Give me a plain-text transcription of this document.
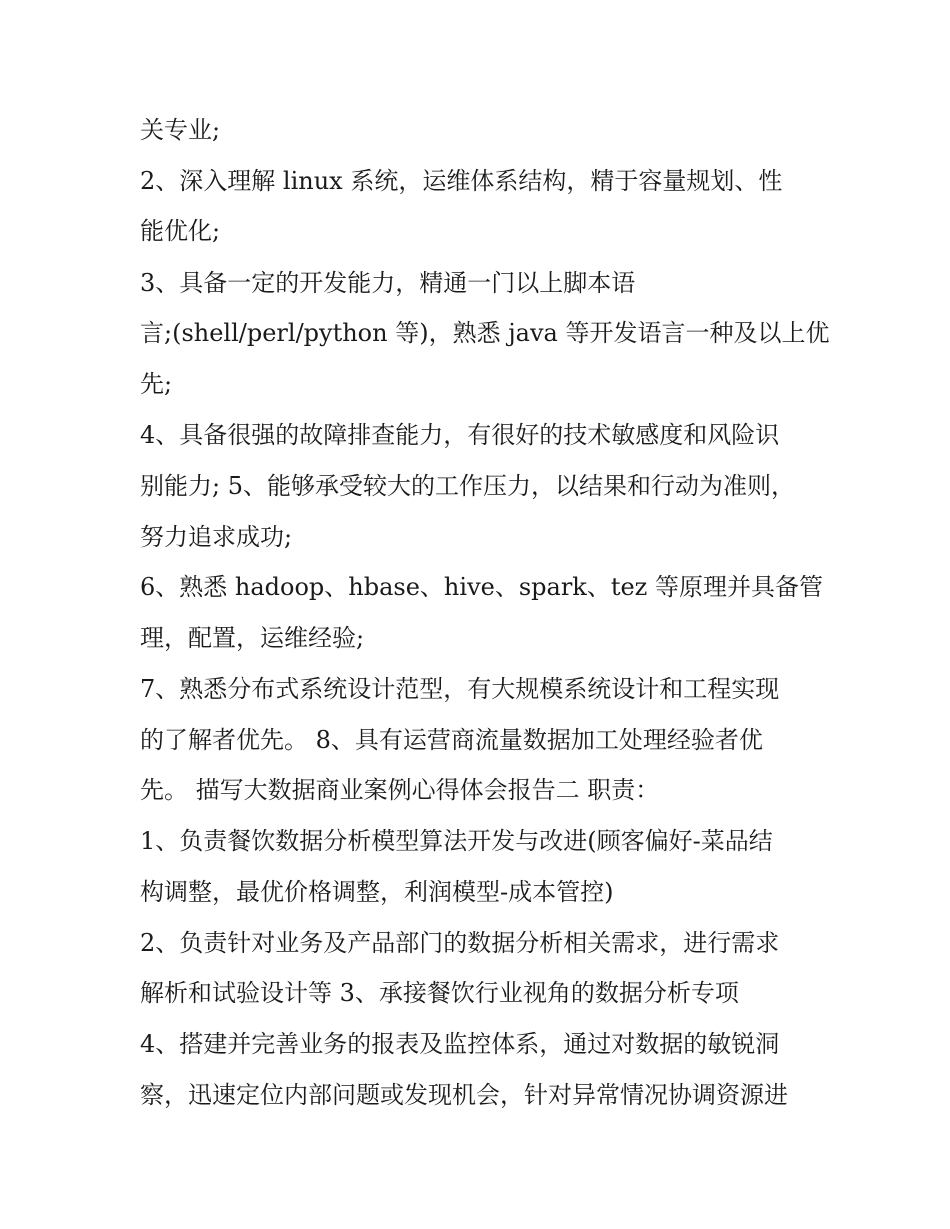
关专业;

2、深入理解 linux 系统，运维体系结构，精于容量规划、性

能优化;

3、具备一定的开发能力，精通一门以上脚本语

言;(shell/perl/python 等)，熟悉 java 等开发语言一种及以上优

先;

4、具备很强的故障排查能力，有很好的技术敏感度和风险识

别能力; 5、能够承受较大的工作压力，以结果和行动为准则，

努力追求成功;

6、熟悉 hadoop、hbase、hive、spark、tez 等原理并具备管

理，配置，运维经验;

7、熟悉分布式系统设计范型，有大规模系统设计和工程实现

的了解者优先。 8、具有运营商流量数据加工处理经验者优

先。 描写大数据商业案例心得体会报告二 职责：

1、负责餐饮数据分析模型算法开发与改进(顾客偏好-菜品结

构调整，最优价格调整，利润模型-成本管控)

2、负责针对业务及产品部门的数据分析相关需求，进行需求

解析和试验设计等 3、承接餐饮行业视角的数据分析专项

4、搭建并完善业务的报表及监控体系，通过对数据的敏锐洞

察，迅速定位内部问题或发现机会，针对异常情况协调资源进
